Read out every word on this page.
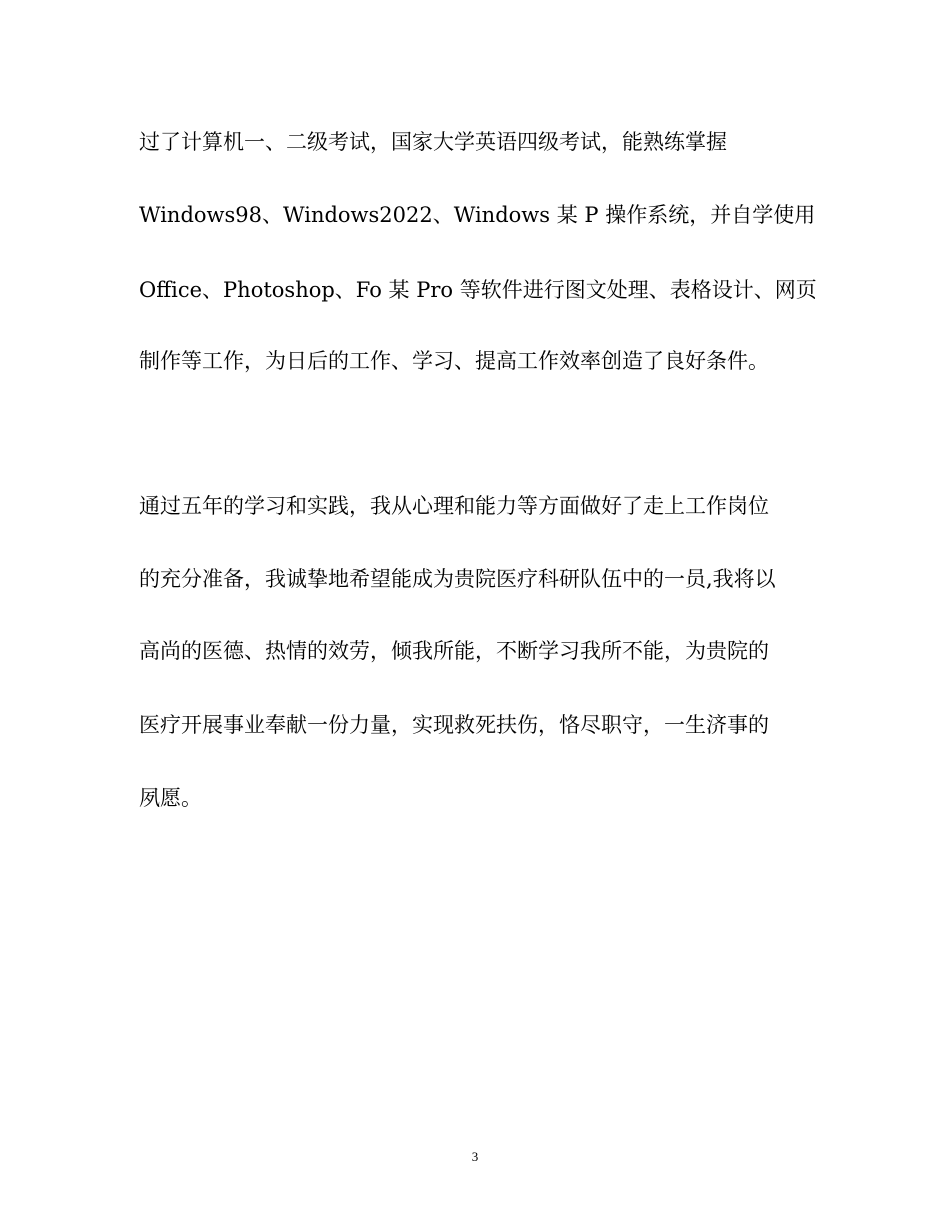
过了计算机一、二级考试，国家大学英语四级考试，能熟练掌握
Windows98、Windows2022、Windows 某 P 操作系统，并自学使用
Office、Photoshop、Fo 某 Pro 等软件进行图文处理、表格设计、网页
制作等工作，为日后的工作、学习、提高工作效率创造了良好条件。
通过五年的学习和实践，我从心理和能力等方面做好了走上工作岗位
的充分准备，我诚挚地希望能成为贵院医疗科研队伍中的一员,我将以
高尚的医德、热情的效劳，倾我所能，不断学习我所不能，为贵院的
医疗开展事业奉献一份力量，实现救死扶伤，恪尽职守，一生济事的
夙愿。
3
